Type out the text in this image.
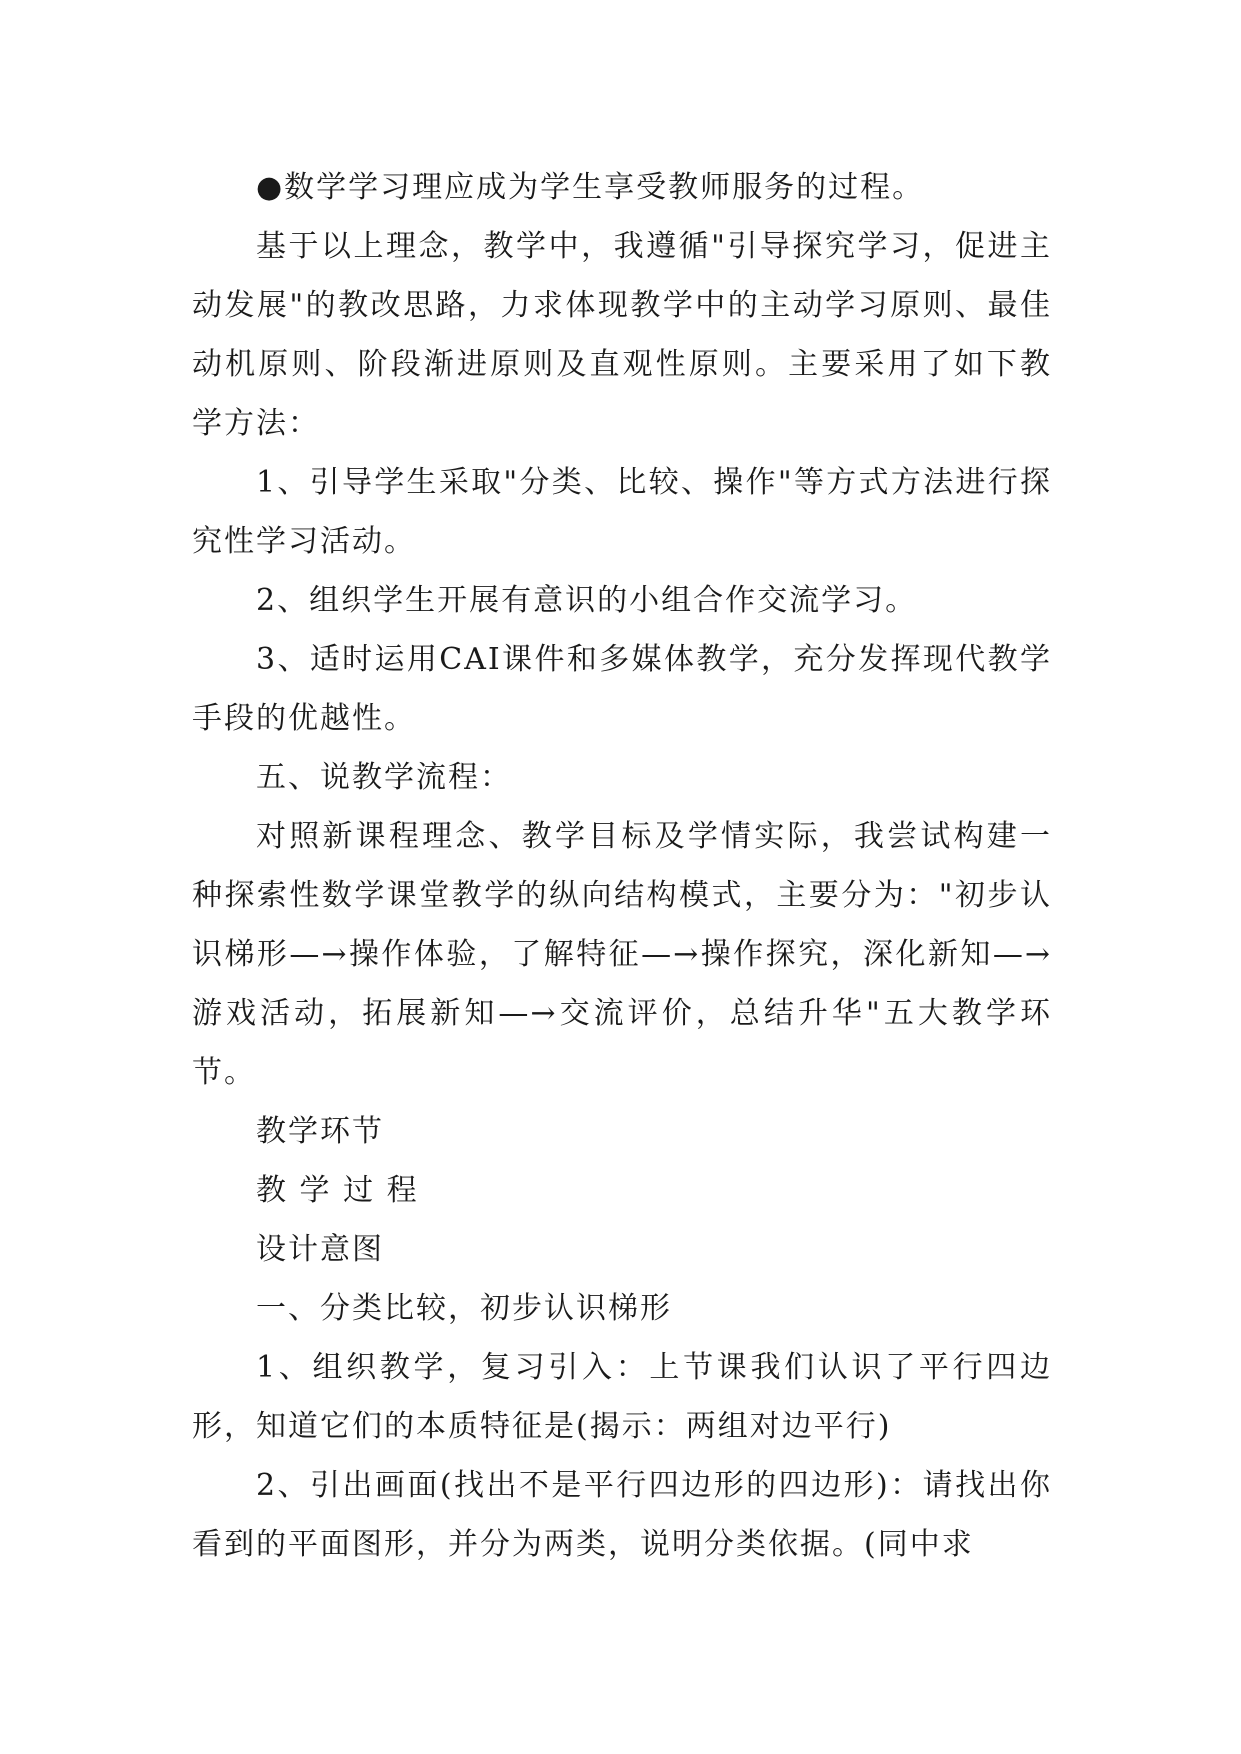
●数学学习理应成为学生享受教师服务的过程。

基于以上理念，教学中，我遵循"引导探究学习，促进主动发展"的教改思路，力求体现教学中的主动学习原则、最佳动机原则、阶段渐进原则及直观性原则。主要采用了如下教学方法：

1、引导学生采取"分类、比较、操作"等方式方法进行探究性学习活动。

2、组织学生开展有意识的小组合作交流学习。

3、适时运用CAI课件和多媒体教学，充分发挥现代教学手段的优越性。

五、说教学流程：

对照新课程理念、教学目标及学情实际，我尝试构建一种探索性数学课堂教学的纵向结构模式，主要分为："初步认识梯形—→操作体验，了解特征—→操作探究，深化新知—→游戏活动，拓展新知—→交流评价，总结升华"五大教学环节。

教学环节

教 学 过 程

设计意图

一、分类比较，初步认识梯形

1、组织教学，复习引入：上节课我们认识了平行四边形，知道它们的本质特征是(揭示：两组对边平行)

2、引出画面(找出不是平行四边形的四边形)：请找出你看到的平面图形，并分为两类，说明分类依据。(同中求
